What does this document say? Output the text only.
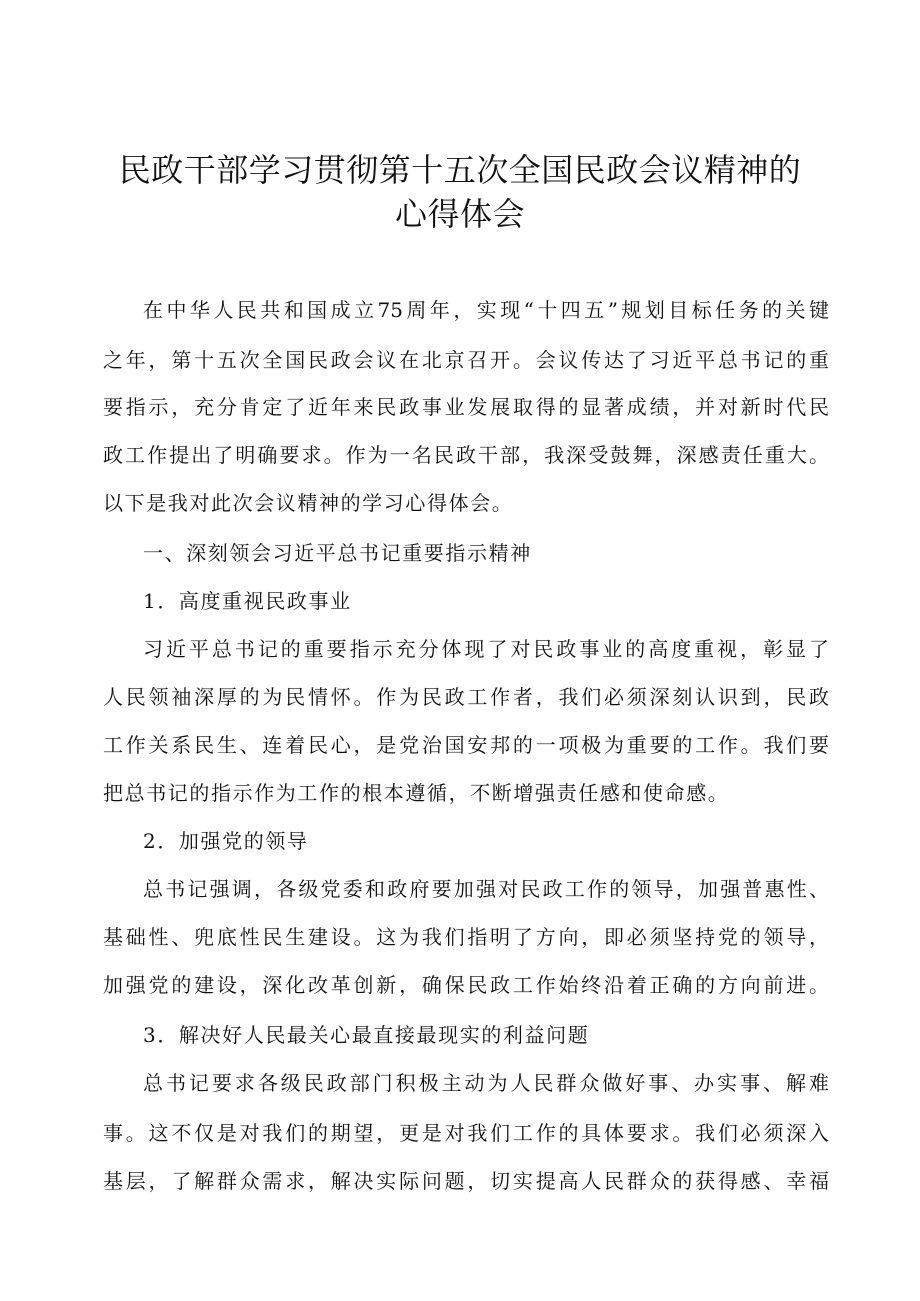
民政干部学习贯彻第十五次全国民政会议精神的
心得体会
在中华人民共和国成立75周年，实现“十四五”规划目标任务的关键
之年，第十五次全国民政会议在北京召开。会议传达了习近平总书记的重
要指示，充分肯定了近年来民政事业发展取得的显著成绩，并对新时代民
政工作提出了明确要求。作为一名民政干部，我深受鼓舞，深感责任重大。
以下是我对此次会议精神的学习心得体会。
一、深刻领会习近平总书记重要指示精神
1．高度重视民政事业
习近平总书记的重要指示充分体现了对民政事业的高度重视，彰显了
人民领袖深厚的为民情怀。作为民政工作者，我们必须深刻认识到，民政
工作关系民生、连着民心，是党治国安邦的一项极为重要的工作。我们要
把总书记的指示作为工作的根本遵循，不断增强责任感和使命感。
2．加强党的领导
总书记强调，各级党委和政府要加强对民政工作的领导，加强普惠性、
基础性、兜底性民生建设。这为我们指明了方向，即必须坚持党的领导，
加强党的建设，深化改革创新，确保民政工作始终沿着正确的方向前进。
3．解决好人民最关心最直接最现实的利益问题
总书记要求各级民政部门积极主动为人民群众做好事、办实事、解难
事。这不仅是对我们的期望，更是对我们工作的具体要求。我们必须深入
基层，了解群众需求，解决实际问题，切实提高人民群众的获得感、幸福
